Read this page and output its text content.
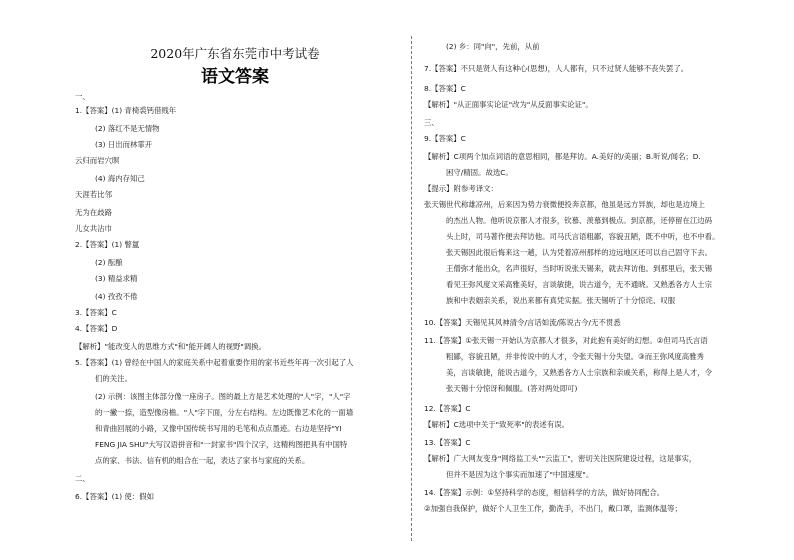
2020年广东省东莞市中考试卷
语文答案
一、
1.【答案】(1) 青椅裘钙借贱年
(2) 落红不是无情物
(3) 日出而林霏开
云归而岩穴暝
(4) 海内存知己
天涯若比邻
无为在歧路
儿女共沾巾
2.【答案】(1) 瞥氲
(2) 酝酿
(3) 精益求精
(4) 孜孜不倦
3.【答案】C
4.【答案】D
【解析】"能改变人的思维方式"和"能开阔人的视野"调换。
5.【答案】(1) 曾经在中国人的家庭关系中起着重要作用的家书近些年再一次引起了人
们的关注。
(2) 示例：该图主体部分像一座房子。图的最上方是艺术处理的"人"字，"人"字
的一撇一捺，造型像房檐。"人"字下面，分左右结构。左边既像艺术化的一面墙
和青曲回展的小路，又像中国传统书写用的毛笔和点点墨迹。右边是坚持"YI
FENG JIA SHU"大写汉语拼音和"一封家书"四个汉字，这精构图把具有中国特
点的家、书法、信有机的组合在一起，表达了家书与家庭的关系。
二、
6.【答案】(1) 使：假如
(2) 乡：同"向"，先前，从前
7.【答案】不只是贤人有这种心(思想)，人人都有，只不过贤人能够不丧失罢了。
8.【答案】C
【解析】"从正面事实论证"改为"从反面事实论证"。
三、
9.【答案】C
【解析】C项两个加点词语的意思相同，都是拜访。A.美好的/美丽；B.听说/闻名；D.
困守/精固。故选C。
【提示】附参考译文：
张天锡世代称雄凉州，后来因为势力衰微便投奔京都，他虽是远方异族，却也是边境上
的杰出人物。他听说京都人才很多，钦慕、羡慕到极点。到京都，还停留在江边码
头上时，司马著作便去拜访他。司马氏言语粗鄙，容貌丑陋，既不中听，也不中看。
张天锡因此很后悔来这一趟，认为凭着凉州那样的边远地区还可以自己固守下去。
王僧弥才能出众，名声很好，当时听说张天锡来，就去拜访他。到那里后，张天锡
看见王弥风度文采高雅美好，言谈敏捷，说古道今，无不通晓。又熟悉各方人士宗
族和中表姻亲关系，说出来都有真凭实据。张天锡听了十分惊诧、叹服
10.【答案】天锡见其风神清令/言话如流/陈说古今/无不贯悉
11.【答案】①张天锡一开始认为京都人才很多，对此抱有美好的幻想。②但司马氏言语
粗鄙，容貌丑陋，并非传说中的人才，令张天锡十分失望。③而王弥风度高雅秀
美，言谈敏捷，能说古道今，又熟悉各方人士宗族和亲戚关系，称得上是人才，令
张天锡十分惊讶和佩服。(答对两处即可)
12.【答案】C
【解析】C选项中关于"致死率"的表述有误。
13.【答案】C
【解析】广大网友变身"网络监工头""云监工"，密切关注医院建设过程，这是事实，
但并不是因为这个事实而加速了"中国速度"。
14.【答案】示例：①坚持科学的态度，相信科学的方法，做好协同配合。
②加强自我保护，做好个人卫生工作，勤洗手，不出门，戴口罩，监测体温等；
